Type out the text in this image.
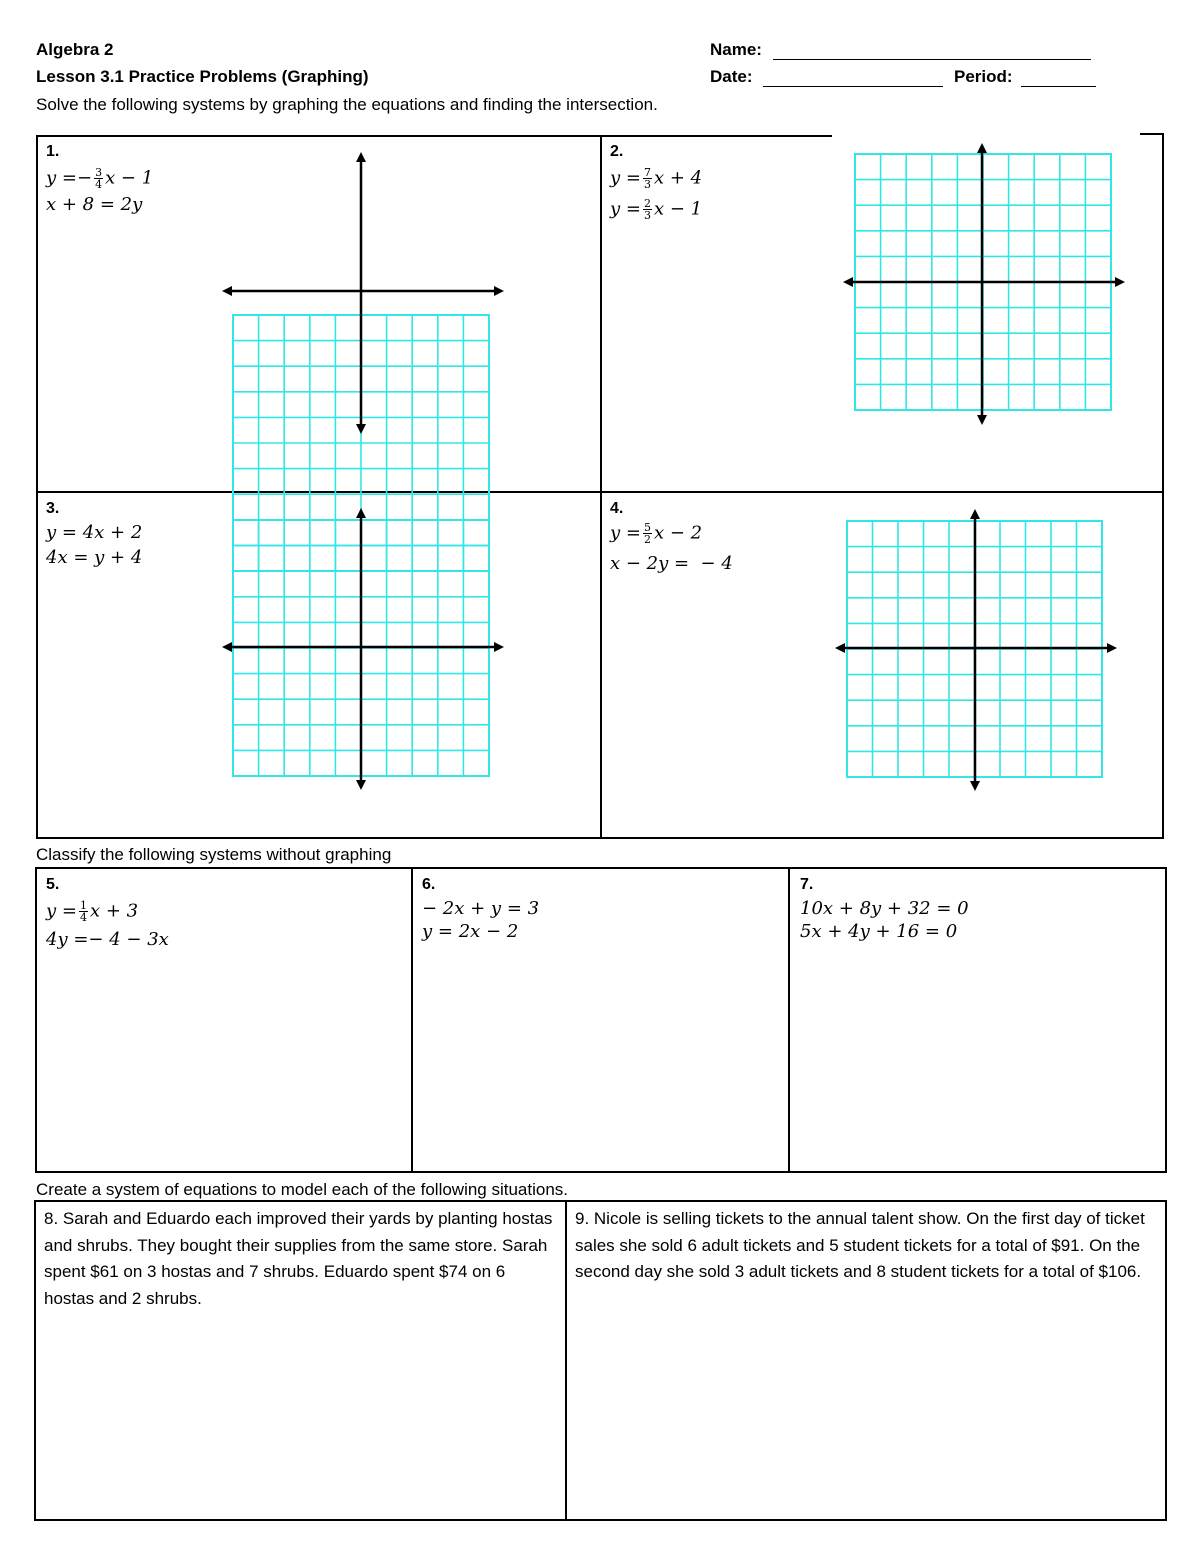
Algebra 2
Lesson 3.1 Practice Problems (Graphing)
Name:
Date:	Period:
Solve the following systems by graphing the equations and finding the intersection.
1.
$y =- \frac{3}{4}$ x − 1
x + 8 = 2y
2.
$y = \frac{7}{3}$ x + 4
$y = \frac{2}{3}$ x − 1
3.
y = 4x + 2
4x = y + 4
4.
$y = \frac{5}{2}$ x − 2
x − 2y =  − 4
Classify the following systems without graphing
5.
$y = \frac{1}{4}$ x + 3
4y =− 4 − 3x
6.
− 2x + y = 3
y = 2x − 2
7.
10x + 8y + 32 = 0
5x + 4y + 16 = 0
Create a system of equations to model each of the following situations.
8. Sarah and Eduardo each improved their yards by planting hostas and shrubs. They bought their supplies from the same store. Sarah spent $61 on 3 hostas and 7 shrubs. Eduardo spent $74 on 6 hostas and 2 shrubs.
9. Nicole is selling tickets to the annual talent show. On the first day of ticket sales she sold 6 adult tickets and 5 student tickets for a total of $91. On the second day she sold 3 adult tickets and 8 student tickets for a total of $106.
